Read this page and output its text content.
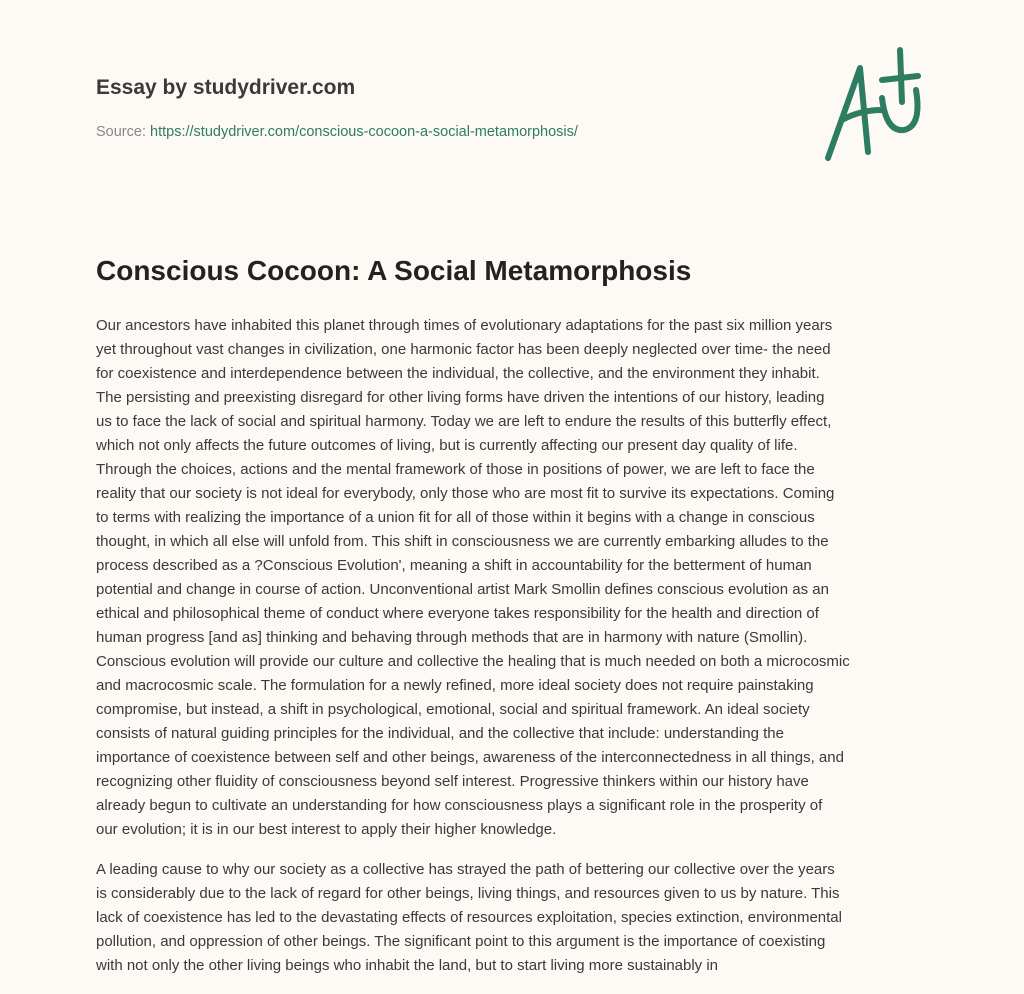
Essay by studydriver.com
Source: https://studydriver.com/conscious-cocoon-a-social-metamorphosis/
Conscious Cocoon: A Social Metamorphosis
Our ancestors have inhabited this planet through times of evolutionary adaptations for the past six million years
yet throughout vast changes in civilization, one harmonic factor has been deeply neglected over time- the need
for coexistence and interdependence between the individual, the collective, and the environment they inhabit.
The persisting and preexisting disregard for other living forms have driven the intentions of our history, leading
us to face the lack of social and spiritual harmony. Today we are left to endure the results of this butterfly effect,
which not only affects the future outcomes of living, but is currently affecting our present day quality of life.
Through the choices, actions and the mental framework of those in positions of power, we are left to face the
reality that our society is not ideal for everybody, only those who are most fit to survive its expectations. Coming
to terms with realizing the importance of a union fit for all of those within it begins with a change in conscious
thought, in which all else will unfold from. This shift in consciousness we are currently embarking alludes to the
process described as a ?Conscious Evolution', meaning a shift in accountability for the betterment of human
potential and change in course of action. Unconventional artist Mark Smollin defines conscious evolution as an
ethical and philosophical theme of conduct where everyone takes responsibility for the health and direction of
human progress [and as] thinking and behaving through methods that are in harmony with nature (Smollin).
Conscious evolution will provide our culture and collective the healing that is much needed on both a microcosmic
and macrocosmic scale. The formulation for a newly refined, more ideal society does not require painstaking
compromise, but instead, a shift in psychological, emotional, social and spiritual framework. An ideal society
consists of natural guiding principles for the individual, and the collective that include: understanding the
importance of coexistence between self and other beings, awareness of the interconnectedness in all things, and
recognizing other fluidity of consciousness beyond self interest. Progressive thinkers within our history have
already begun to cultivate an understanding for how consciousness plays a significant role in the prosperity of
our evolution; it is in our best interest to apply their higher knowledge.
A leading cause to why our society as a collective has strayed the path of bettering our collective over the years
is considerably due to the lack of regard for other beings, living things, and resources given to us by nature. This
lack of coexistence has led to the devastating effects of resources exploitation, species extinction, environmental
pollution, and oppression of other beings. The significant point to this argument is the importance of coexisting
with not only the other living beings who inhabit the land, but to start living more sustainably in
